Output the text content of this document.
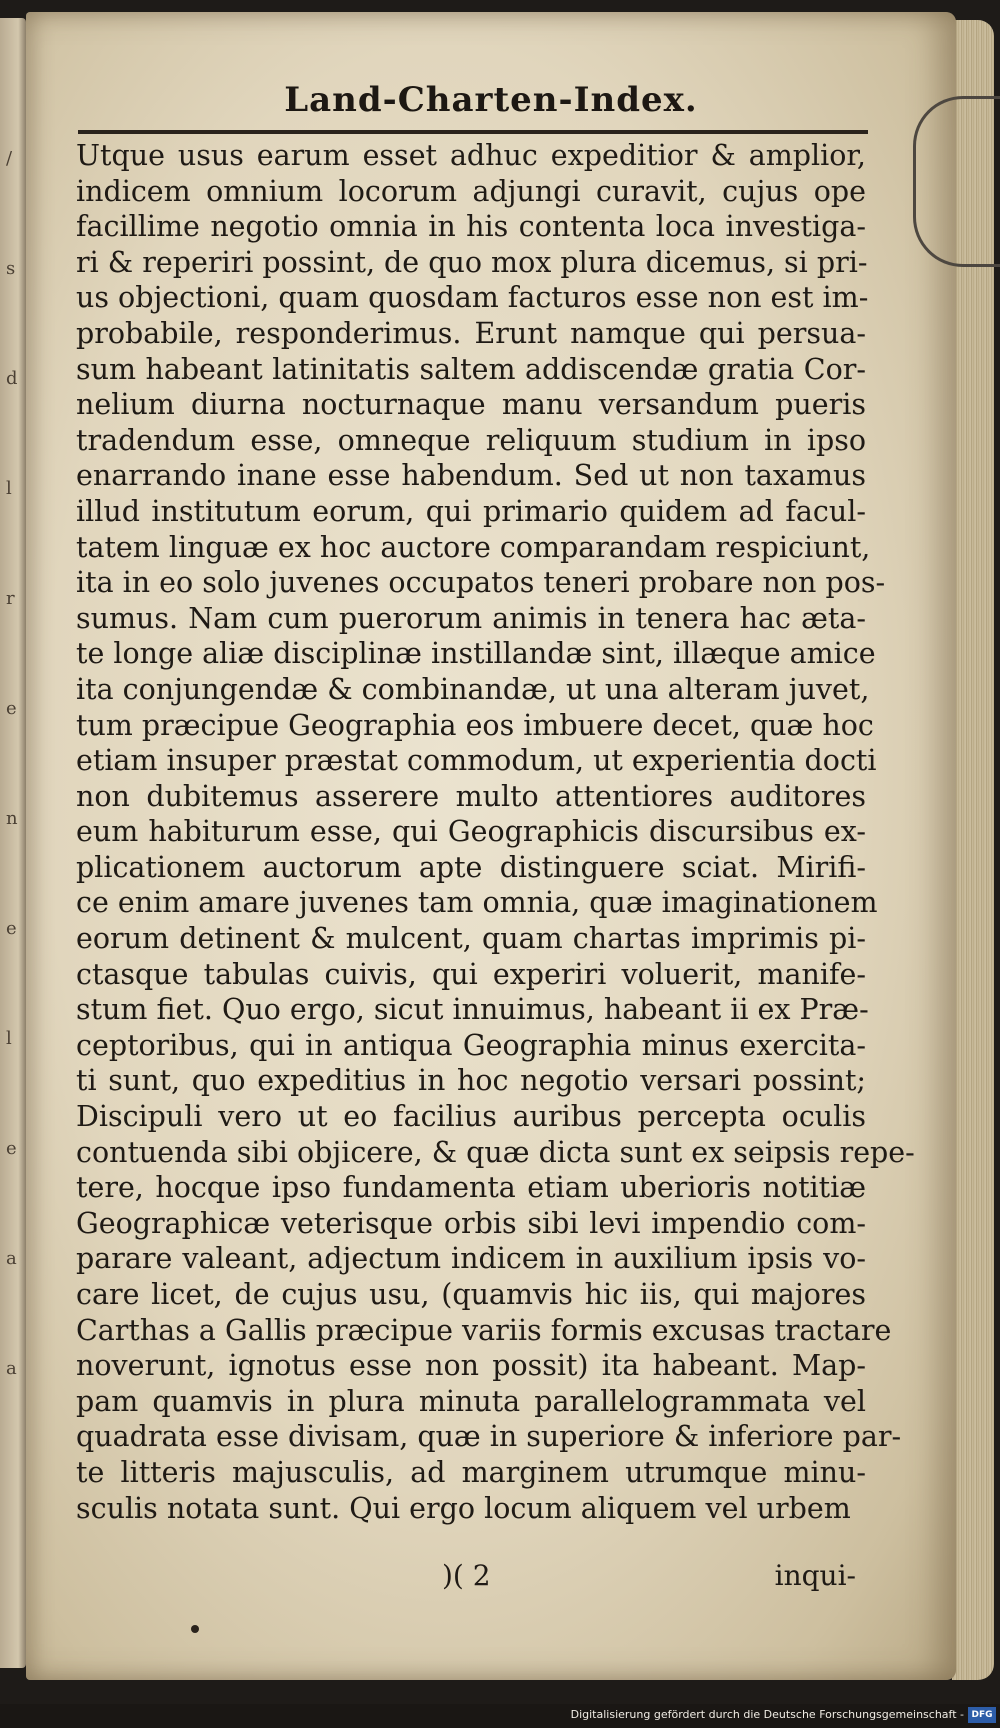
/
s
d
l
r
e
n
e
l
e
a
a
Land-Charten-Index.
Utque usus earum esset adhuc expeditior & amplior,
indicem omnium locorum adjungi curavit, cujus ope
facillime negotio omnia in his contenta loca investiga-
ri & reperiri possint, de quo mox plura dicemus, si pri-
us objectioni, quam quosdam facturos esse non est im-
probabile, responderimus. Erunt namque qui persua-
sum habeant latinitatis saltem addiscendæ gratia Cor-
nelium diurna nocturnaque manu versandum pueris
tradendum esse, omneque reliquum studium in ipso
enarrando inane esse habendum. Sed ut non taxamus
illud institutum eorum, qui primario quidem ad facul-
tatem linguæ ex hoc auctore comparandam respiciunt,
ita in eo solo juvenes occupatos teneri probare non pos-
sumus. Nam cum puerorum animis in tenera hac æta-
te longe aliæ disciplinæ instillandæ sint, illæque amice
ita conjungendæ & combinandæ, ut una alteram juvet,
tum præcipue Geographia eos imbuere decet, quæ hoc
etiam insuper præstat commodum, ut experientia docti
non dubitemus asserere multo attentiores auditores
eum habiturum esse, qui Geographicis discursibus ex-
plicationem auctorum apte distinguere sciat. Mirifi-
ce enim amare juvenes tam omnia, quæ imaginationem
eorum detinent & mulcent, quam chartas imprimis pi-
ctasque tabulas cuivis, qui experiri voluerit, manife-
stum fiet. Quo ergo, sicut innuimus, habeant ii ex Præ-
ceptoribus, qui in antiqua Geographia minus exercita-
ti sunt, quo expeditius in hoc negotio versari possint;
Discipuli vero ut eo facilius auribus percepta oculis
contuenda sibi objicere, & quæ dicta sunt ex seipsis repe-
tere, hocque ipso fundamenta etiam uberioris notitiæ
Geographicæ veterisque orbis sibi levi impendio com-
parare valeant, adjectum indicem in auxilium ipsis vo-
care licet, de cujus usu, (quamvis hic iis, qui majores
Carthas a Gallis præcipue variis formis excusas tractare
noverunt, ignotus esse non possit) ita habeant. Map-
pam quamvis in plura minuta parallelogrammata vel
quadrata esse divisam, quæ in superiore & inferiore par-
te litteris majusculis, ad marginem utrumque minu-
sculis notata sunt. Qui ergo locum aliquem vel urbem
)( 2	inqui-
Digitalisierung gefördert durch die Deutsche Forschungsgemeinschaft - DFG
